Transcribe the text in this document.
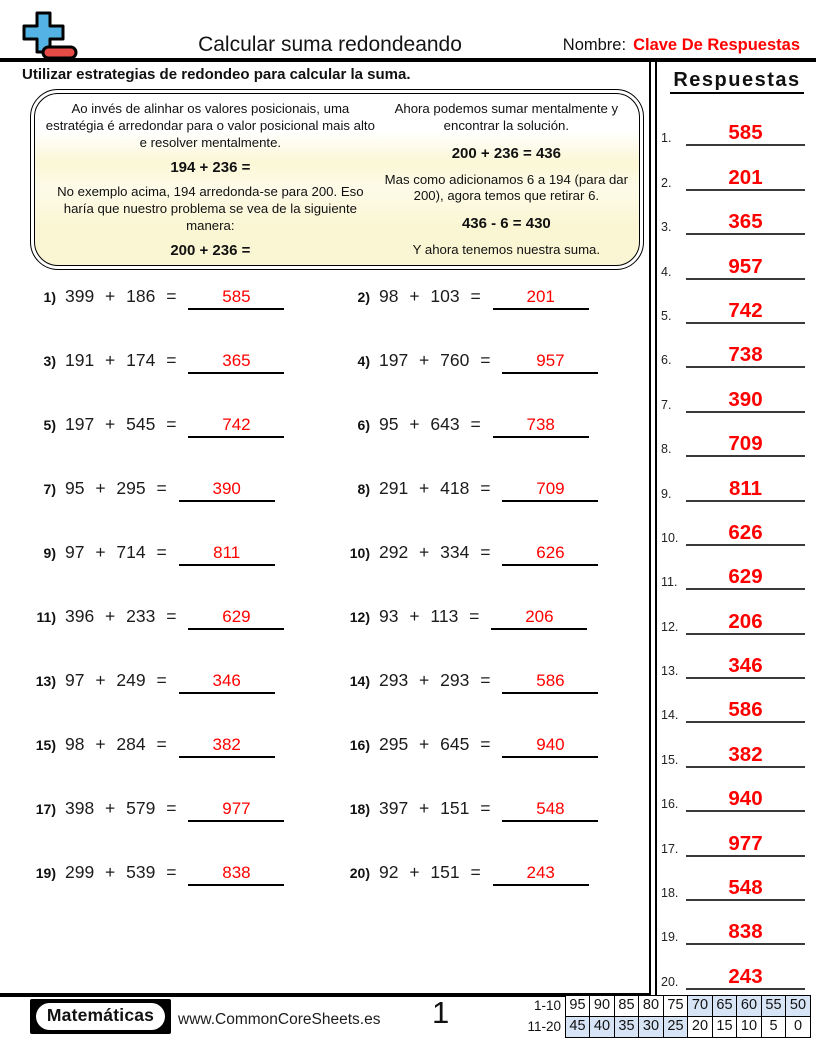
Calcular suma redondeando	Nombre: Clave De Respuestas
Utilizar estrategias de redondeo para calcular la suma.
Ao invés de alinhar os valores posicionais, uma estratégia é arredondar para o valor posicional mais alto e resolver mentalmente.
194 + 236 =
No exemplo acima, 194 arredonda-se para 200. Eso haría que nuestro problema se vea de la siguiente manera:
200 + 236 =
Ahora podemos sumar mentalmente y encontrar la solución.
200 + 236 = 436
Mas como adicionamos 6 a 194 (para dar 200), agora temos que retirar 6.
436 - 6 = 430
Y ahora tenemos nuestra suma.
1) 399 + 186 =	585	2) 98 + 103 =	201
3) 191 + 174 =	365	4) 197 + 760 =	957
5) 197 + 545 =	742	6) 95 + 643 =	738
7) 95 + 295 =	390	8) 291 + 418 =	709
9) 97 + 714 =	811	10) 292 + 334 =	626
11) 396 + 233 =	629	12) 93 + 113 =	206
13) 97 + 249 =	346	14) 293 + 293 =	586
15) 98 + 284 =	382	16) 295 + 645 =	940
17) 398 + 579 =	977	18) 397 + 151 =	548
19) 299 + 539 =	838	20) 92 + 151 =	243
Respuestas
1.	585
2.	201
3.	365
4.	957
5.	742
6.	738
7.	390
8.	709
9.	811
10.	626
11.	629
12.	206
13.	346
14.	586
15.	382
16.	940
17.	977
18.	548
19.	838
20.	243
Matemáticas	www.CommonCoreSheets.es 1	1-10 95 90 85 80 75 70 65 60 55 50
11-20 45 40 35 30 25 20 15 10 5	0
